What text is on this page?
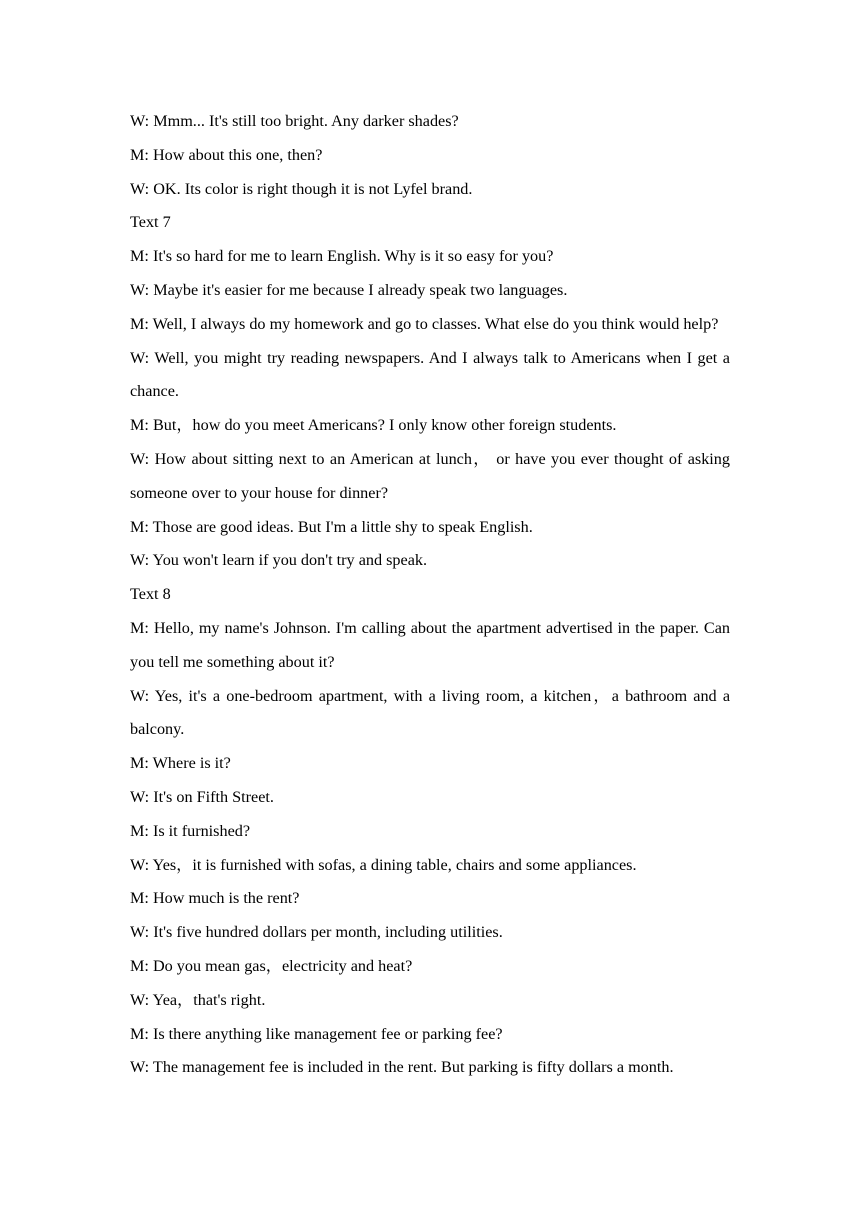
W: Mmm... It's still too bright. Any darker shades?

M: How about this one, then?

W: OK. Its color is right though it is not Lyfel brand.

Text 7

M: It's so hard for me to learn English. Why is it so easy for you?

W: Maybe it's easier for me because I already speak two languages.

M: Well, I always do my homework and go to classes. What else do you think would help?

W: Well, you might try reading newspapers. And I always talk to Americans when I get a chance.

M: But，how do you meet Americans? I only know other foreign students.

W: How about sitting next to an American at lunch， or have you ever thought of asking someone over to your house for dinner?

M: Those are good ideas. But I'm a little shy to speak English.

W: You won't learn if you don't try and speak.

Text 8

M: Hello, my name's Johnson. I'm calling about the apartment advertised in the paper. Can you tell me something about it?

W: Yes, it's a one-bedroom apartment, with a living room, a kitchen，a bathroom and a balcony.

M: Where is it?

W: It's on Fifth Street.

M: Is it furnished?

W: Yes，it is furnished with sofas, a dining table, chairs and some appliances.

M: How much is the rent?

W: It's five hundred dollars per month, including utilities.

M: Do you mean gas，electricity and heat?

W: Yea，that's right.

M: Is there anything like management fee or parking fee?

W: The management fee is included in the rent. But parking is fifty dollars a month.
